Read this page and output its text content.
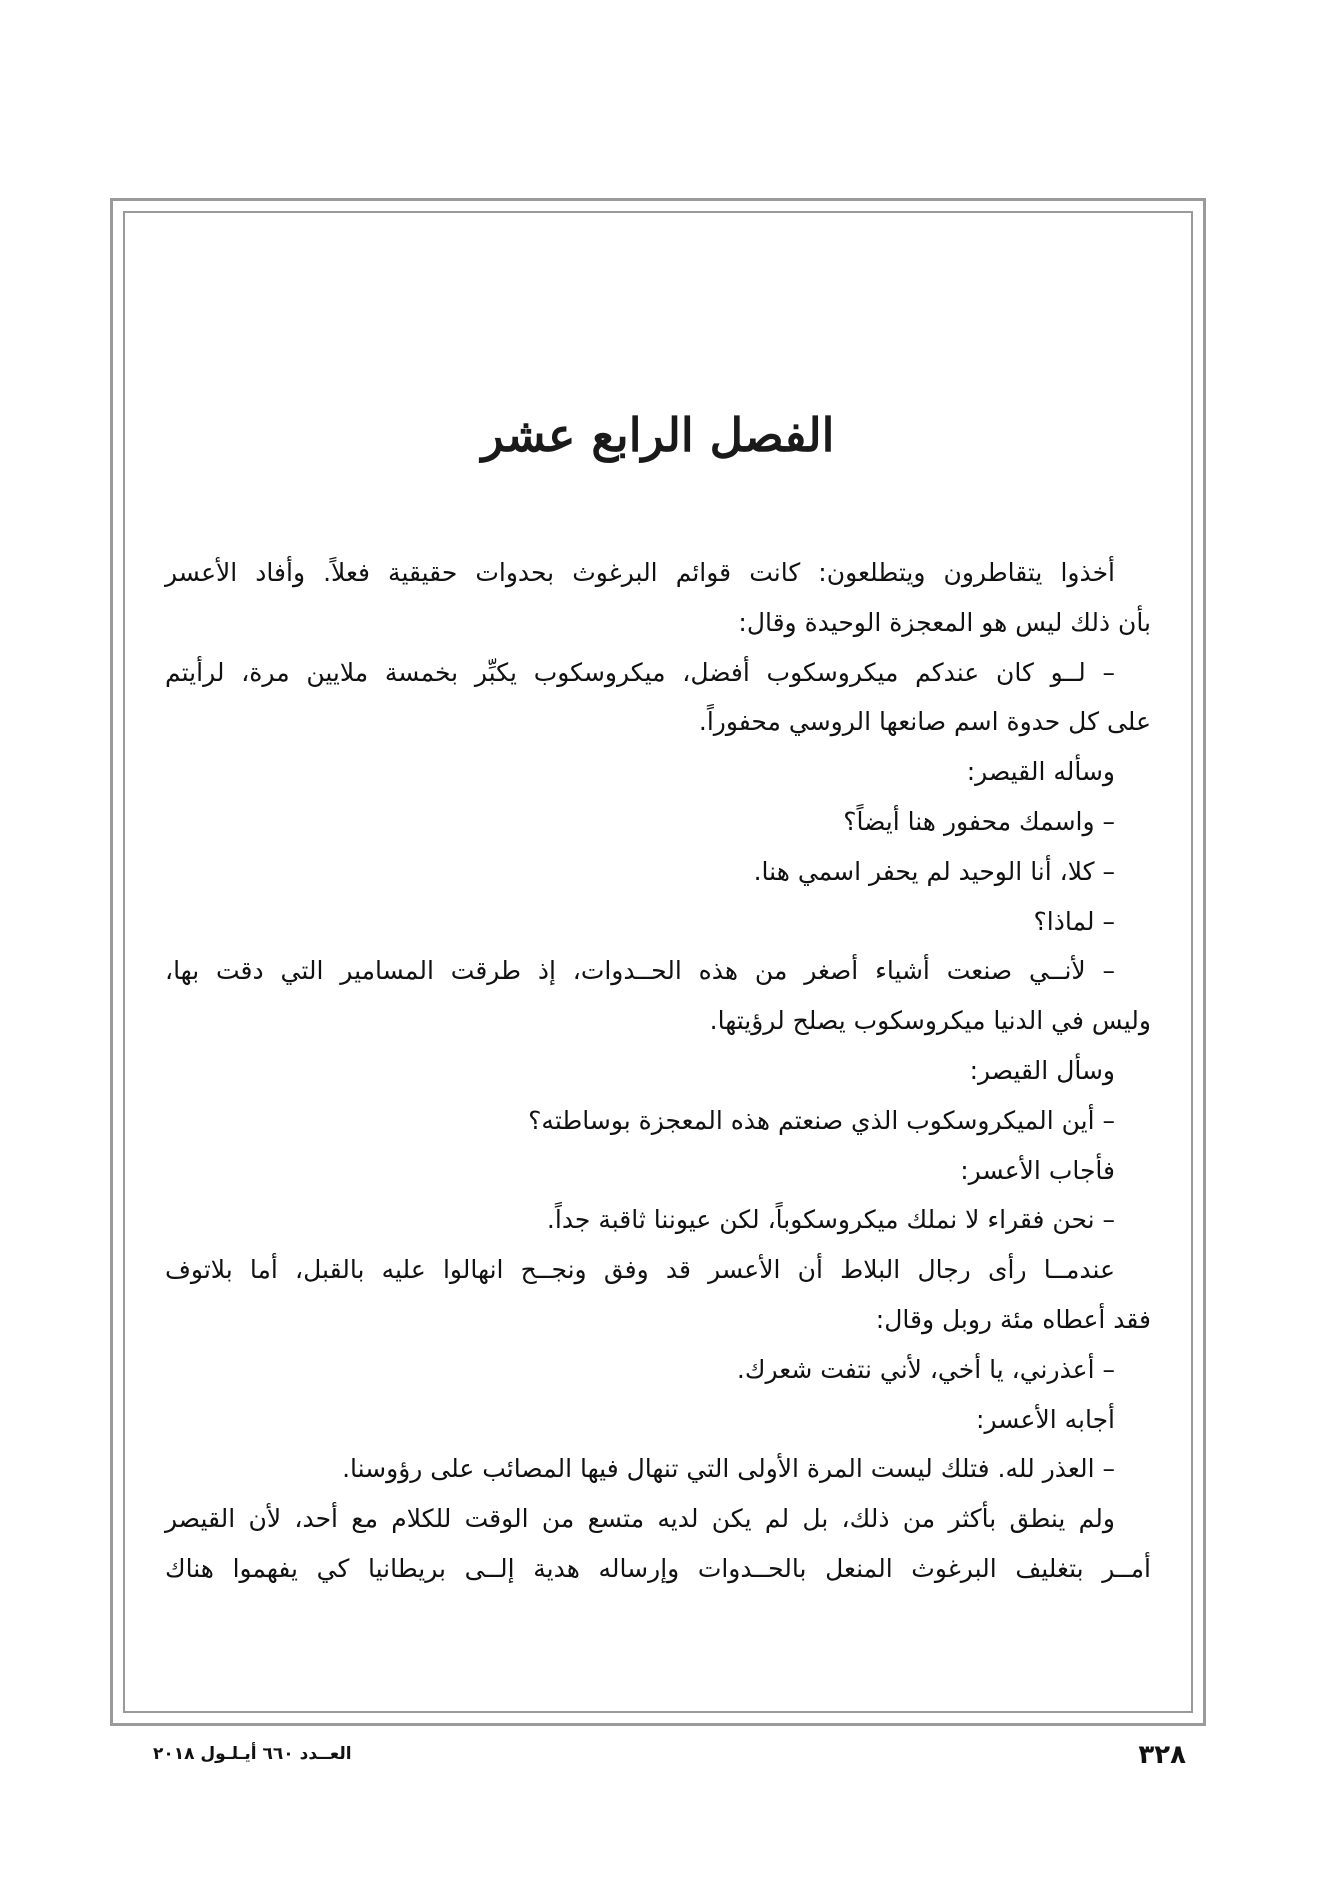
الفصل الرابع عشر

أخذوا يتقاطرون ويتطلعون: كانت قوائم البرغوث بحدوات حقيقية فعلاً. وأفاد الأعسر
بأن ذلك ليس هو المعجزة الوحيدة وقال:

– لــو كان عندكم ميكروسكوب أفضل، ميكروسكوب يكبِّر بخمسة ملايين مرة، لرأيتم
على كل حدوة اسم صانعها الروسي محفوراً.

وسأله القيصر:

– واسمك محفور هنا أيضاً؟

– كلا، أنا الوحيد لم يحفر اسمي هنا.

– لماذا؟

– لأنــي صنعت أشياء أصغر من هذه الحــدوات، إذ طرقت المسامير التي دقت بها،
وليس في الدنيا ميكروسكوب يصلح لرؤيتها.

وسأل القيصر:

– أين الميكروسكوب الذي صنعتم هذه المعجزة بوساطته؟

فأجاب الأعسر:

– نحن فقراء لا نملك ميكروسكوباً، لكن عيوننا ثاقبة جداً.

عندمــا رأى رجال البلاط أن الأعسر قد وفق ونجــح انهالوا عليه بالقبل، أما بلاتوف
فقد أعطاه مئة روبل وقال:

– أعذرني، يا أخي، لأني نتفت شعرك.

أجابه الأعسر:

– العذر لله. فتلك ليست المرة الأولى التي تنهال فيها المصائب على رؤوسنا.

ولم ينطق بأكثر من ذلك، بل لم يكن لديه متسع من الوقت للكلام مع أحد، لأن القيصر
أمــر بتغليف البرغوث المنعل بالحــدوات وإرساله هدية إلــى بريطانيا كي يفهموا هناك

٣٢٨
العــدد ٦٦٠ أيـلـول ٢٠١٨
